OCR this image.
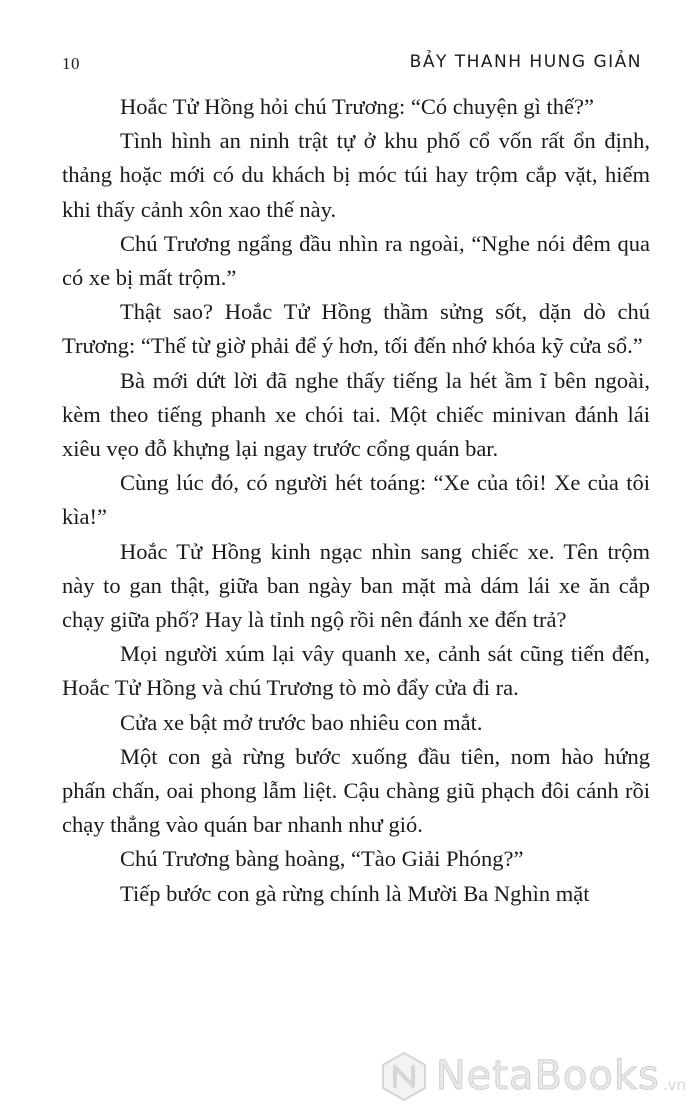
10	BẢY THANH HUNG GIẢN

Hoắc Tử Hồng hỏi chú Trương: “Có chuyện gì thế?”

Tình hình an ninh trật tự ở khu phố cổ vốn rất ổn định, thảng hoặc mới có du khách bị móc túi hay trộm cắp vặt, hiếm khi thấy cảnh xôn xao thế này.

Chú Trương ngẩng đầu nhìn ra ngoài, “Nghe nói đêm qua có xe bị mất trộm.”

Thật sao? Hoắc Tử Hồng thầm sửng sốt, dặn dò chú Trương: “Thế từ giờ phải để ý hơn, tối đến nhớ khóa kỹ cửa sổ.”

Bà mới dứt lời đã nghe thấy tiếng la hét ầm ĩ bên ngoài, kèm theo tiếng phanh xe chói tai. Một chiếc minivan đánh lái xiêu vẹo đỗ khựng lại ngay trước cổng quán bar.

Cùng lúc đó, có người hét toáng: “Xe của tôi! Xe của tôi kìa!”

Hoắc Tử Hồng kinh ngạc nhìn sang chiếc xe. Tên trộm này to gan thật, giữa ban ngày ban mặt mà dám lái xe ăn cắp chạy giữa phố? Hay là tỉnh ngộ rồi nên đánh xe đến trả?

Mọi người xúm lại vây quanh xe, cảnh sát cũng tiến đến, Hoắc Tử Hồng và chú Trương tò mò đẩy cửa đi ra.

Cửa xe bật mở trước bao nhiêu con mắt.

Một con gà rừng bước xuống đầu tiên, nom hào hứng phấn chấn, oai phong lẫm liệt. Cậu chàng giũ phạch đôi cánh rồi chạy thẳng vào quán bar nhanh như gió.

Chú Trương bàng hoàng, “Tào Giải Phóng?”

Tiếp bước con gà rừng chính là Mười Ba Nghìn mặt

NetaBooks .vn
